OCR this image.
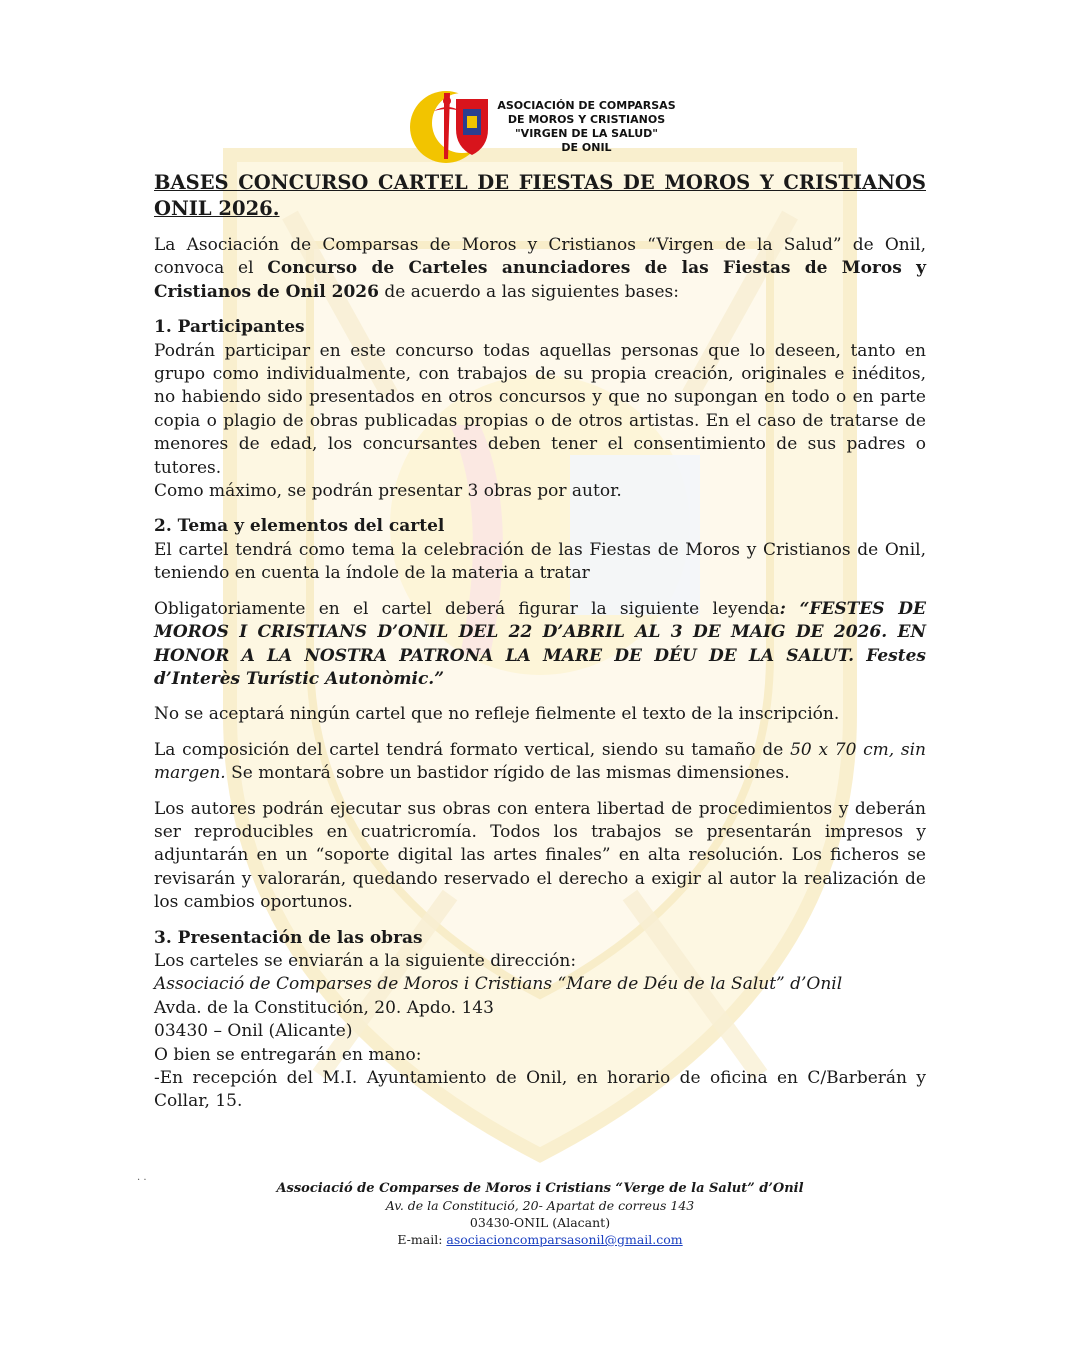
ASOCIACIÓN DE COMPARSAS
DE MOROS Y CRISTIANOS
"VIRGEN DE LA SALUD"
DE ONIL
BASES CONCURSO CARTEL DE FIESTAS DE MOROS Y CRISTIANOS ONIL 2026.

La Asociación de Comparsas de Moros y Cristianos “Virgen de la Salud” de Onil, convoca el Concurso de Carteles anunciadores de las Fiestas de Moros y Cristianos de Onil 2026 de acuerdo a las siguientes bases:

1. Participantes

Podrán participar en este concurso todas aquellas personas que lo deseen, tanto en grupo como individualmente, con trabajos de su propia creación, originales e inéditos, no habiendo sido presentados en otros concursos y que no supongan en todo o en parte copia o plagio de obras publicadas propias o de otros artistas. En el caso de tratarse de menores de edad, los concursantes deben tener el consentimiento de sus padres o tutores.

Como máximo, se podrán presentar 3 obras por autor.

2. Tema y elementos del cartel

El cartel tendrá como tema la celebración de las Fiestas de Moros y Cristianos de Onil, teniendo en cuenta la índole de la materia a tratar

Obligatoriamente en el cartel deberá figurar la siguiente leyenda: “FESTES DE MOROS I CRISTIANS D’ONIL DEL 22 D’ABRIL AL 3 DE MAIG DE 2026. EN HONOR A LA NOSTRA PATRONA LA MARE DE DÉU DE LA SALUT. Festes d’Interès Turístic Autonòmic.”

No se aceptará ningún cartel que no refleje fielmente el texto de la inscripción.

La composición del cartel tendrá formato vertical, siendo su tamaño de 50 x 70 cm, sin margen. Se montará sobre un bastidor rígido de las mismas dimensiones.

Los autores podrán ejecutar sus obras con entera libertad de procedimientos y deberán ser reproducibles en cuatricromía. Todos los trabajos se presentarán impresos y adjuntarán en un “soporte digital las artes finales” en alta resolución. Los ficheros se revisarán y valorarán, quedando reservado el derecho a exigir al autor la realización de los cambios oportunos.

3. Presentación de las obras

Los carteles se enviarán a la siguiente dirección:

Associació de Comparses de Moros i Cristians “Mare de Déu de la Salut” d’Onil

Avda. de la Constitución, 20. Apdo. 143

03430 – Onil (Alicante)

O bien se entregarán en mano:

-En recepción del M.I. Ayuntamiento de Onil, en horario de oficina en C/Barberán y Collar, 15.

. .
Associació de Comparses de Moros i Cristians “Verge de la Salut” d’Onil
Av. de la Constitució, 20- Apartat de correus 143
03430-ONIL (Alacant)
E-mail: asociacioncomparsasonil@gmail.com
